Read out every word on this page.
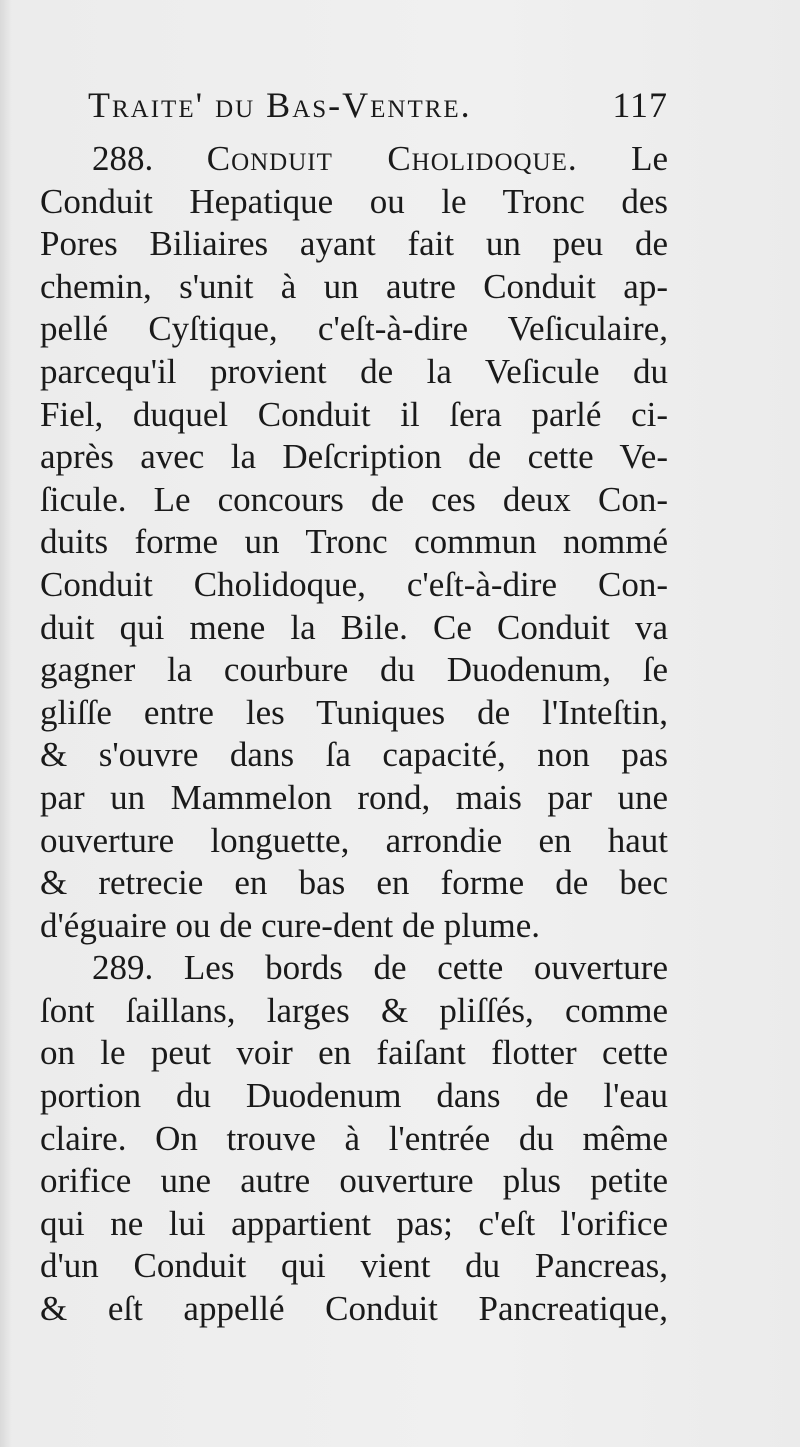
Traite' du Bas-Ventre.	117
288. Conduit Cholidoque. Le
Conduit Hepatique ou le Tronc des
Pores Biliaires ayant fait un peu de
chemin, s'unit à un autre Conduit ap-
pellé Cyſtique, c'eſt-à-dire Veſiculaire,
parcequ'il provient de la Veſicule du
Fiel, duquel Conduit il ſera parlé ci-
après avec la Deſcription de cette Ve-
ſicule. Le concours de ces deux Con-
duits forme un Tronc commun nommé
Conduit Cholidoque, c'eſt-à-dire Con-
duit qui mene la Bile. Ce Conduit va
gagner la courbure du Duodenum, ſe
gliſſe entre les Tuniques de l'Inteſtin,
& s'ouvre dans ſa capacité, non pas
par un Mammelon rond, mais par une
ouverture longuette, arrondie en haut
& retrecie en bas en forme de bec
d'éguaire ou de cure-dent de plume.
289. Les bords de cette ouverture
ſont ſaillans, larges & pliſſés, comme
on le peut voir en faiſant flotter cette
portion du Duodenum dans de l'eau
claire. On trouve à l'entrée du même
orifice une autre ouverture plus petite
qui ne lui appartient pas; c'eſt l'orifice
d'un Conduit qui vient du Pancreas,
& eſt appellé Conduit Pancreatique,
